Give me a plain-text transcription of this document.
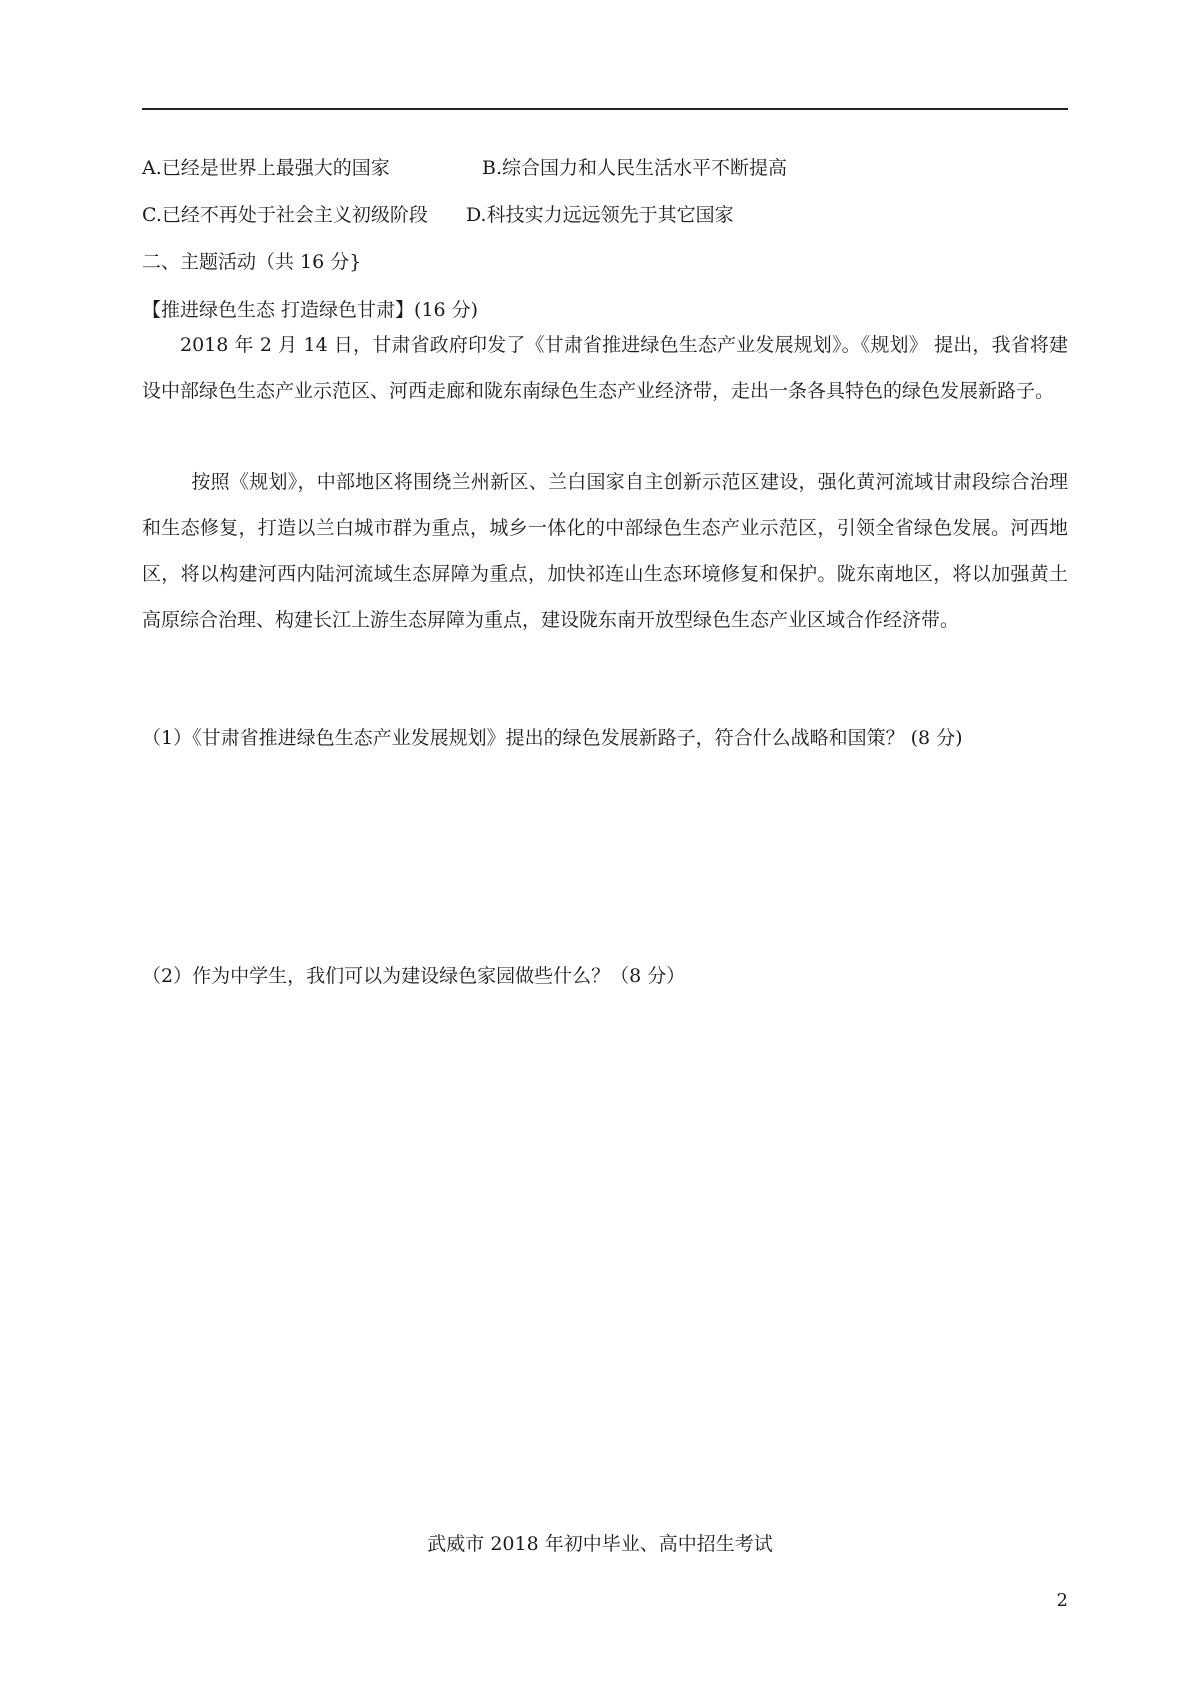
A.已经是世界上最强大的国家	B.综合国力和人民生活水平不断提高
C.已经不再处于社会主义初级阶段 D.科技实力远远领先于其它国家
二、主题活动（共 16 分}
【推进绿色生态 打造绿色甘肃】(16 分)
2018 年 2 月 14 日，甘肃省政府印发了《甘肃省推进绿色生态产业发展规划》。《规划》 提出，我省将建设中部绿色生态产业示范区、河西走廊和陇东南绿色生态产业经济带，走出一条各具特色的绿色发展新路子。
按照《规划》，中部地区将围绕兰州新区、兰白国家自主创新示范区建设，强化黄河流域甘肃段综合治理和生态修复，打造以兰白城市群为重点，城乡一体化的中部绿色生态产业示范区，引领全省绿色发展。河西地区，将以构建河西内陆河流域生态屏障为重点，加快祁连山生态环境修复和保护。陇东南地区，将以加强黄土高原综合治理、构建长江上游生态屏障为重点，建设陇东南开放型绿色生态产业区域合作经济带。
（1）《甘肃省推进绿色生态产业发展规划》提出的绿色发展新路子，符合什么战略和国策？ (8 分)
（2）作为中学生，我们可以为建设绿色家园做些什么？（8 分）
武威市 2018 年初中毕业、高中招生考试
2
